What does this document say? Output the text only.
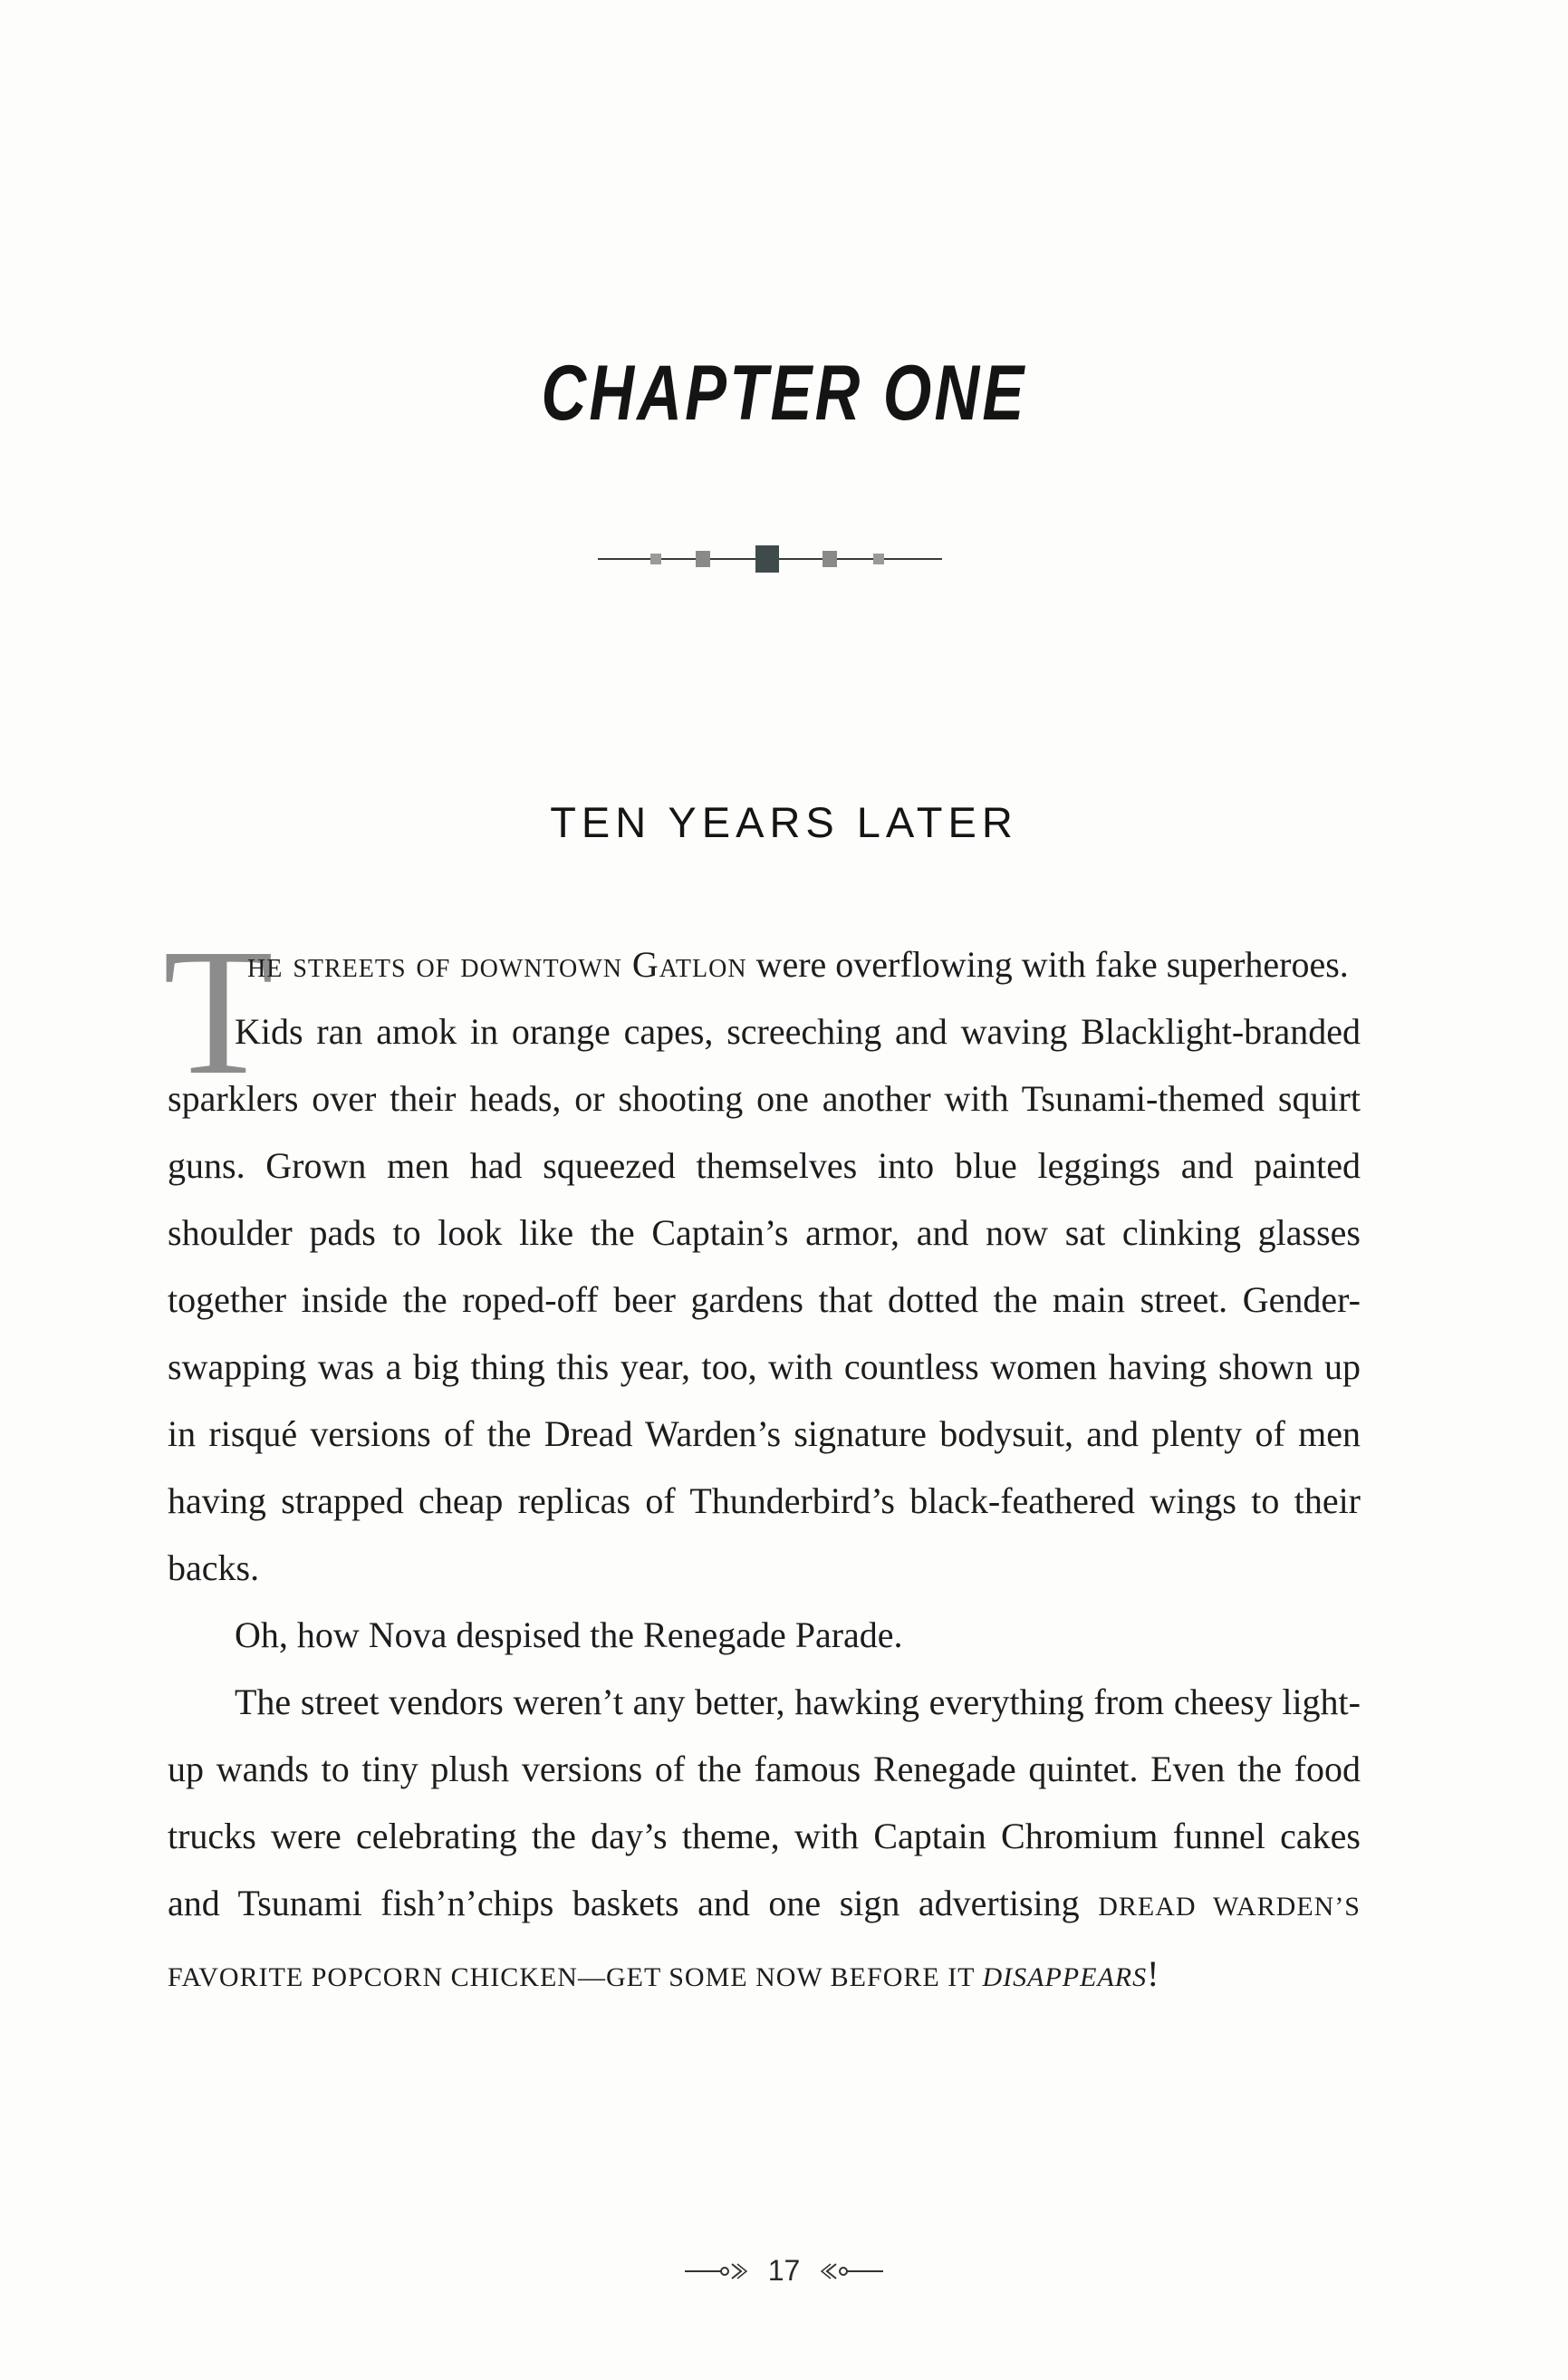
CHAPTER ONE
TEN YEARS LATER
T

he streets of downtown Gatlon were overflowing with fake superheroes.

Kids ran amok in orange capes, screeching and waving Blacklight-branded sparklers over their heads, or shooting one another with Tsunami-themed squirt guns. Grown men had squeezed themselves into blue leggings and painted shoulder pads to look like the Captain’s armor, and now sat clinking glasses together inside the roped-off beer gardens that dotted the main street. Gender-swapping was a big thing this year, too, with countless women having shown up in risqué versions of the Dread Warden’s signature bodysuit, and plenty of men having strapped cheap replicas of Thunderbird’s black-feathered wings to their backs.

Oh, how Nova despised the Renegade Parade.

The street vendors weren’t any better, hawking everything from cheesy light-up wands to tiny plush versions of the famous Renegade quintet. Even the food trucks were celebrating the day’s theme, with Captain Chromium funnel cakes and Tsunami fish’n’chips baskets and one sign advertising DREAD WARDEN’S FAVORITE POPCORN CHICKEN—GET SOME NOW BEFORE IT DISAPPEARS!

17
